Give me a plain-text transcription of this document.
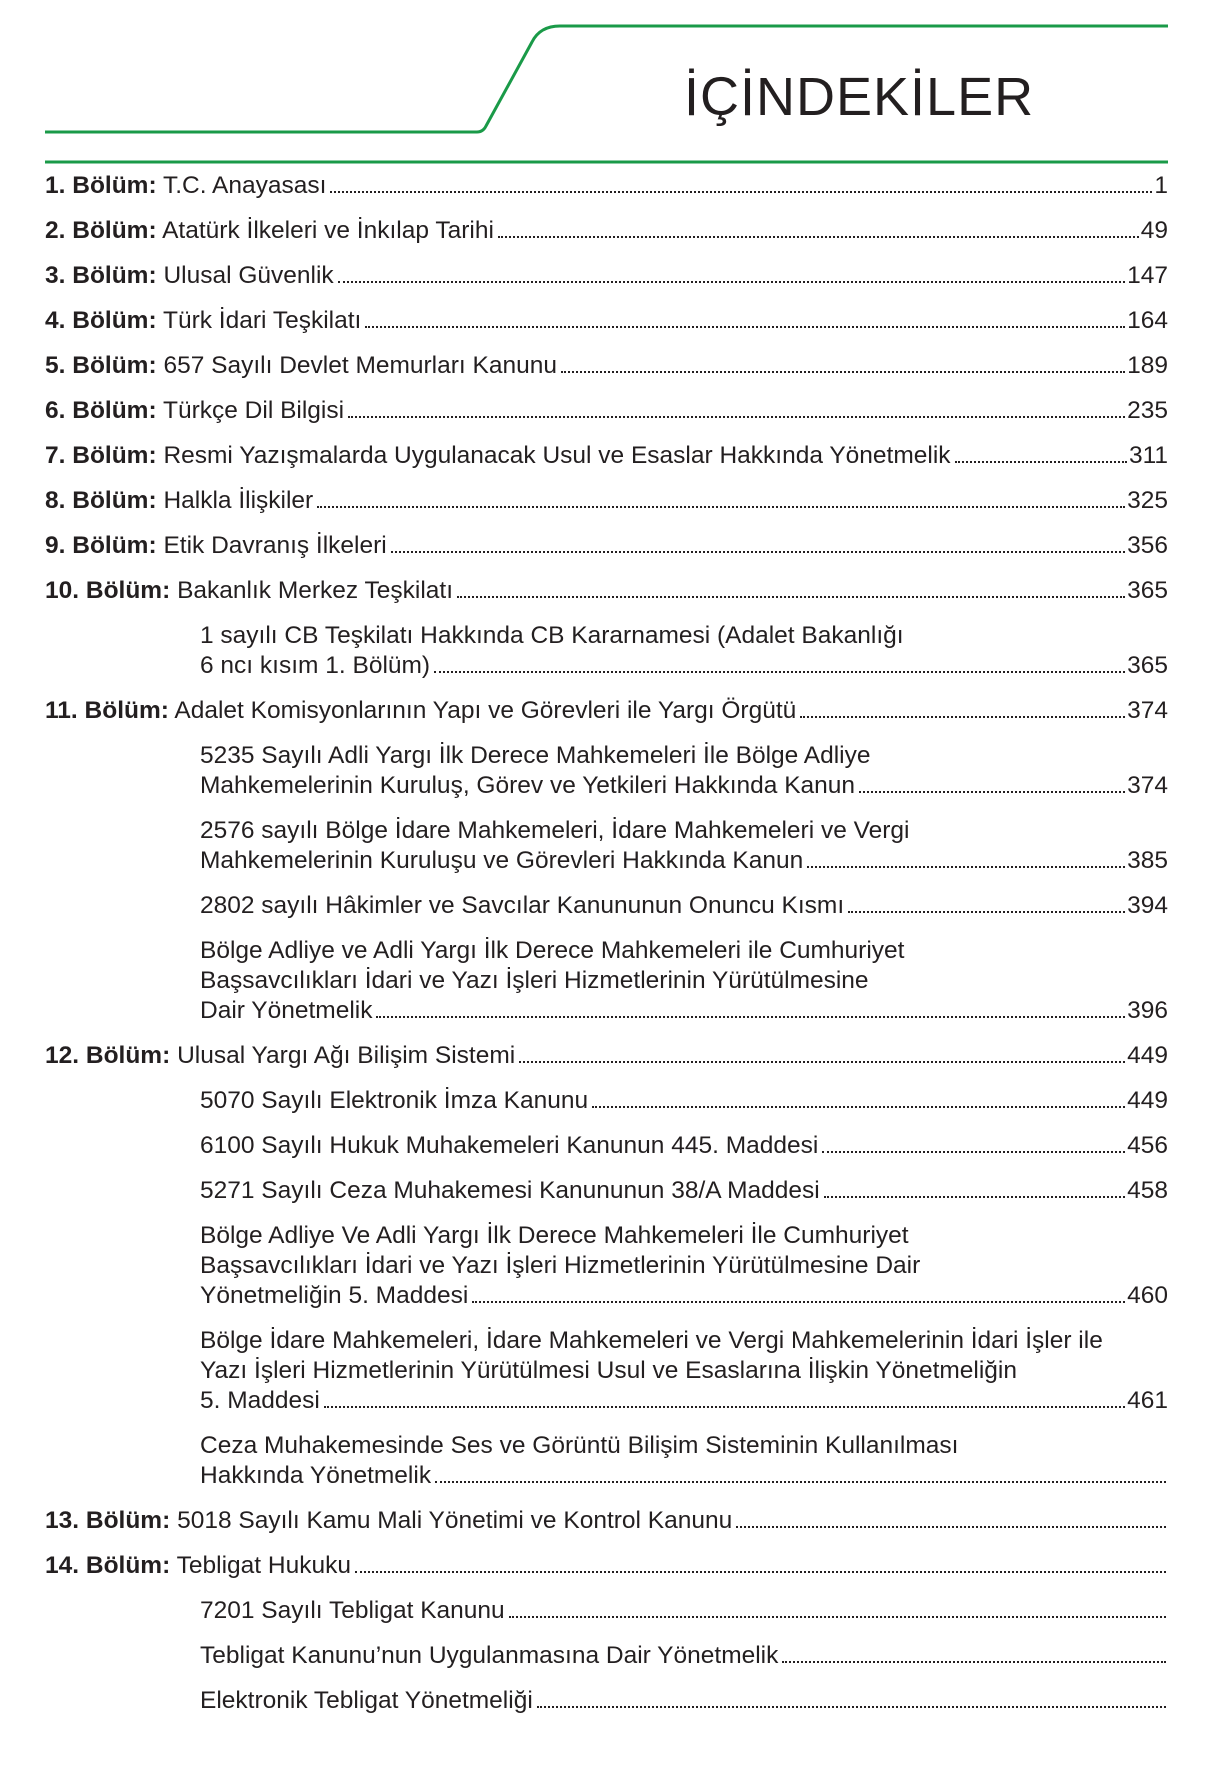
İÇİNDEKİLER
1. Bölüm: T.C. Anayasası	1
2. Bölüm: Atatürk İlkeleri ve İnkılap Tarihi	49
3. Bölüm: Ulusal Güvenlik	147
4. Bölüm: Türk İdari Teşkilatı	164
5. Bölüm: 657 Sayılı Devlet Memurları Kanunu	189
6. Bölüm: Türkçe Dil Bilgisi	235
7. Bölüm: Resmi Yazışmalarda Uygulanacak Usul ve Esaslar Hakkında Yönetmelik	311
8. Bölüm: Halkla İlişkiler	325
9. Bölüm: Etik Davranış İlkeleri	356
10. Bölüm: Bakanlık Merkez Teşkilatı	365
1 sayılı CB Teşkilatı Hakkında CB Kararnamesi (Adalet Bakanlığı
6 ncı kısım 1. Bölüm)	365
11. Bölüm: Adalet Komisyonlarının Yapı ve Görevleri ile Yargı Örgütü	374
5235 Sayılı Adli Yargı İlk Derece Mahkemeleri İle Bölge Adliye
Mahkemelerinin Kuruluş, Görev ve Yetkileri Hakkında Kanun	374
2576 sayılı Bölge İdare Mahkemeleri, İdare Mahkemeleri ve Vergi
Mahkemelerinin Kuruluşu ve Görevleri Hakkında Kanun	385
2802 sayılı Hâkimler ve Savcılar Kanununun Onuncu Kısmı	394
Bölge Adliye ve Adli Yargı İlk Derece Mahkemeleri ile Cumhuriyet
Başsavcılıkları İdari ve Yazı İşleri Hizmetlerinin Yürütülmesine
Dair Yönetmelik	396
12. Bölüm: Ulusal Yargı Ağı Bilişim Sistemi	449
5070 Sayılı Elektronik İmza Kanunu	449
6100 Sayılı Hukuk Muhakemeleri Kanunun 445. Maddesi	456
5271 Sayılı Ceza Muhakemesi Kanununun 38/A Maddesi	458
Bölge Adliye Ve Adli Yargı İlk Derece Mahkemeleri İle Cumhuriyet
Başsavcılıkları İdari ve Yazı İşleri Hizmetlerinin Yürütülmesine Dair
Yönetmeliğin 5. Maddesi	460
Bölge İdare Mahkemeleri, İdare Mahkemeleri ve Vergi Mahkemelerinin İdari İşler ile
Yazı İşleri Hizmetlerinin Yürütülmesi Usul ve Esaslarına İlişkin Yönetmeliğin
5. Maddesi	461
Ceza Muhakemesinde Ses ve Görüntü Bilişim Sisteminin Kullanılması
Hakkında Yönetmelik
13. Bölüm: 5018 Sayılı Kamu Mali Yönetimi ve Kontrol Kanunu
14. Bölüm: Tebligat Hukuku
7201 Sayılı Tebligat Kanunu
Tebligat Kanunu’nun Uygulanmasına Dair Yönetmelik
Elektronik Tebligat Yönetmeliği
